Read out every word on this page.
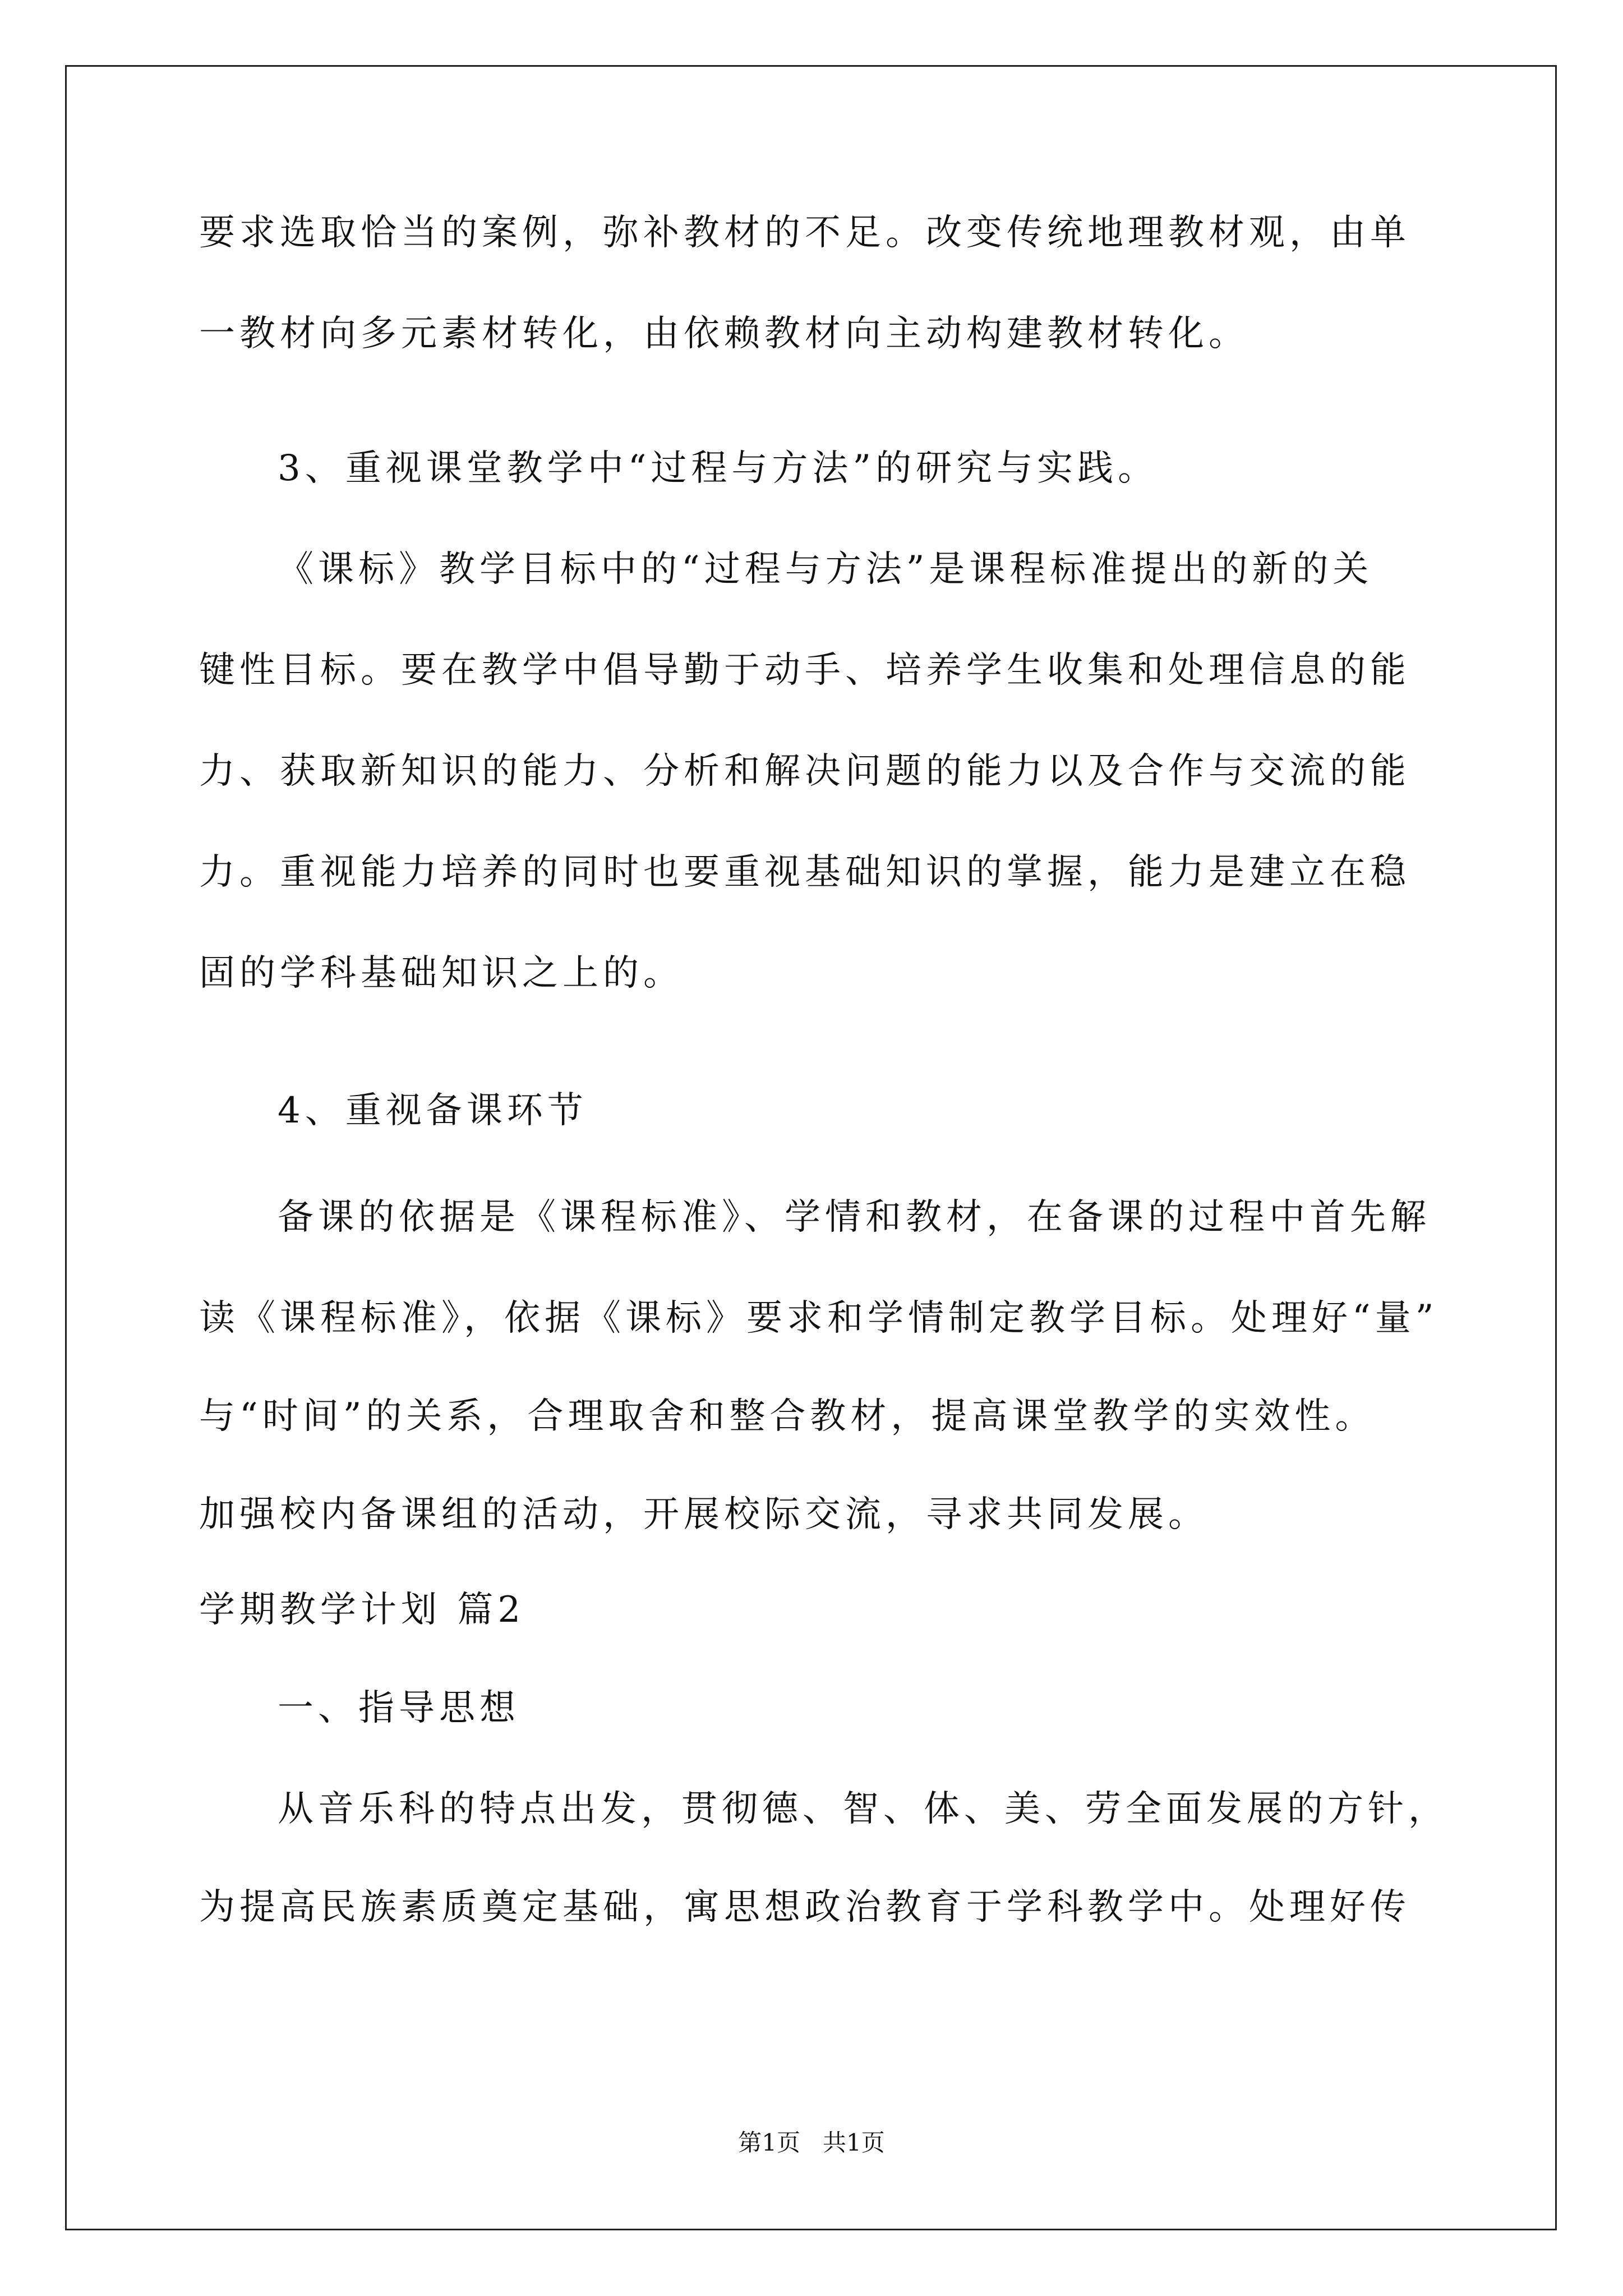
要求选取恰当的案例，弥补教材的不足。改变传统地理教材观，由单
一教材向多元素材转化，由依赖教材向主动构建教材转化。
3、重视课堂教学中“过程与方法”的研究与实践。
《课标》教学目标中的“过程与方法”是课程标准提出的新的关
键性目标。要在教学中倡导勤于动手、培养学生收集和处理信息的能
力、获取新知识的能力、分析和解决问题的能力以及合作与交流的能
力。重视能力培养的同时也要重视基础知识的掌握，能力是建立在稳
固的学科基础知识之上的。
4、重视备课环节
备课的依据是《课程标准》、学情和教材，在备课的过程中首先解
读《课程标准》，依据《课标》要求和学情制定教学目标。处理好“量”
与“时间”的关系，合理取舍和整合教材，提高课堂教学的实效性。
加强校内备课组的活动，开展校际交流，寻求共同发展。
学期教学计划 篇2
一、指导思想
从音乐科的特点出发，贯彻德、智、体、美、劳全面发展的方针，
为提高民族素质奠定基础，寓思想政治教育于学科教学中。处理好传
第1页   共1页
